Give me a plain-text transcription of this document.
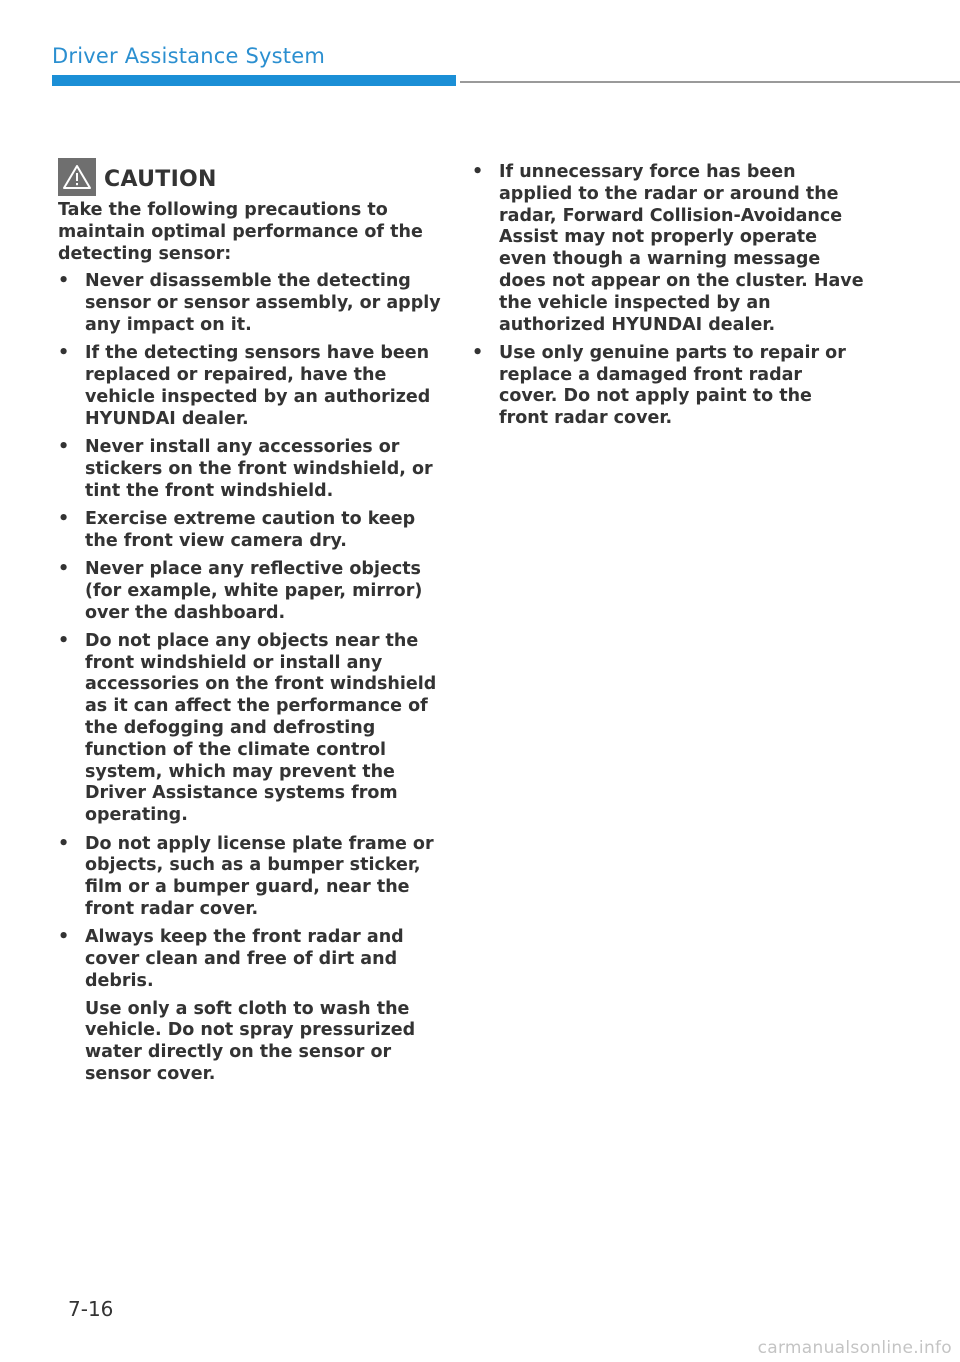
Driver Assistance System
CAUTION

Take the following precautions to maintain optimal performance of the detecting sensor:

• Never disassemble the detecting sensor or sensor assembly, or apply any impact on it.
• If the detecting sensors have been replaced or repaired, have the vehicle inspected by an authorized HYUNDAI dealer.
• Never install any accessories or stickers on the front windshield, or tint the front windshield.
• Exercise extreme caution to keep the front view camera dry.
• Never place any reflective objects (for example, white paper, mirror) over the dashboard.
• Do not place any objects near the front windshield or install any accessories on the front windshield as it can affect the performance of the defogging and defrosting function of the climate control system, which may prevent the Driver Assistance systems from operating.
• Do not apply license plate frame or objects, such as a bumper sticker, film or a bumper guard, near the front radar cover.
• Always keep the front radar and cover clean and free of dirt and debris.
Use only a soft cloth to wash the vehicle. Do not spray pressurized water directly on the sensor or sensor cover.
• If unnecessary force has been applied to the radar or around the radar, Forward Collision-Avoidance Assist may not properly operate even though a warning message does not appear on the cluster. Have the vehicle inspected by an authorized HYUNDAI dealer.
• Use only genuine parts to repair or replace a damaged front radar cover. Do not apply paint to the front radar cover.
7-16
carmanualsonline.info
